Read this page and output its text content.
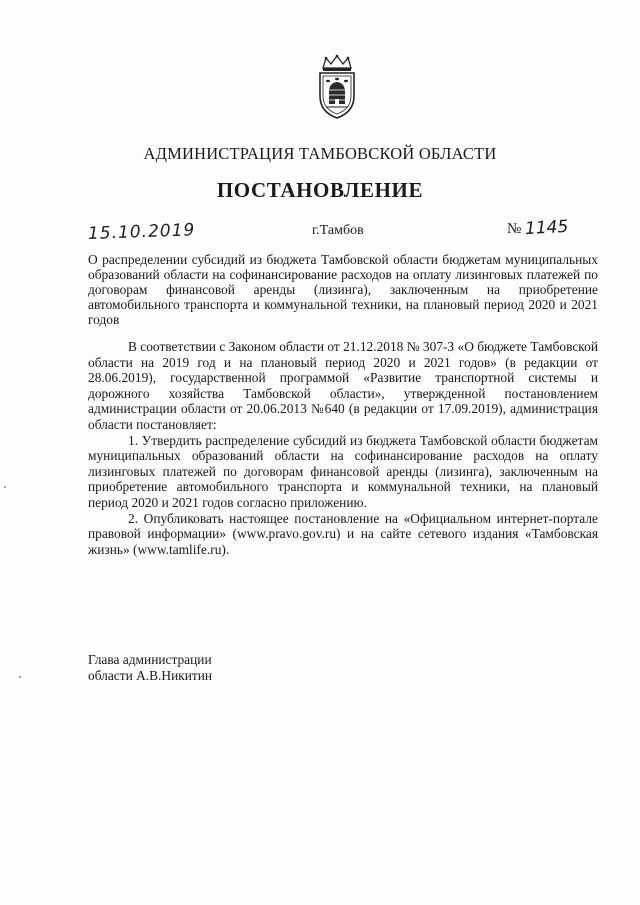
АДМИНИСТРАЦИЯ ТАМБОВСКОЙ ОБЛАСТИ
ПОСТАНОВЛЕНИЕ
15.10.2019	г.Тамбов	№ 1145
О распределении субсидий из бюджета Тамбовской области бюджетам муниципальных образований области на софинансирование расходов на оплату лизинговых платежей по договорам финансовой аренды (лизинга), заключенным на приобретение автомобильного транспорта и коммунальной техники, на плановый период 2020 и 2021 годов

В соответствии с Законом области от 21.12.2018 № 307-З «О бюджете Тамбовской области на 2019 год и на плановый период 2020 и 2021 годов» (в редакции от 28.06.2019), государственной программой «Развитие транспортной системы и дорожного хозяйства Тамбовской области», утвержденной постановлением администрации области от 20.06.2013 №640 (в редакции от 17.09.2019), администрация области постановляет:

1. Утвердить распределение субсидий из бюджета Тамбовской области бюджетам муниципальных образований области на софинансирование расходов на оплату лизинговых платежей по договорам финансовой аренды (лизинга), заключенным на приобретение автомобильного транспорта и коммунальной техники, на плановый период 2020 и 2021 годов согласно приложению.

2. Опубликовать настоящее постановление на «Официальном интернет-портале правовой информации» (www.pravo.gov.ru) и на сайте сетевого издания «Тамбовская жизнь» (www.tamlife.ru).

Глава администрации
области А.В.Никитин
